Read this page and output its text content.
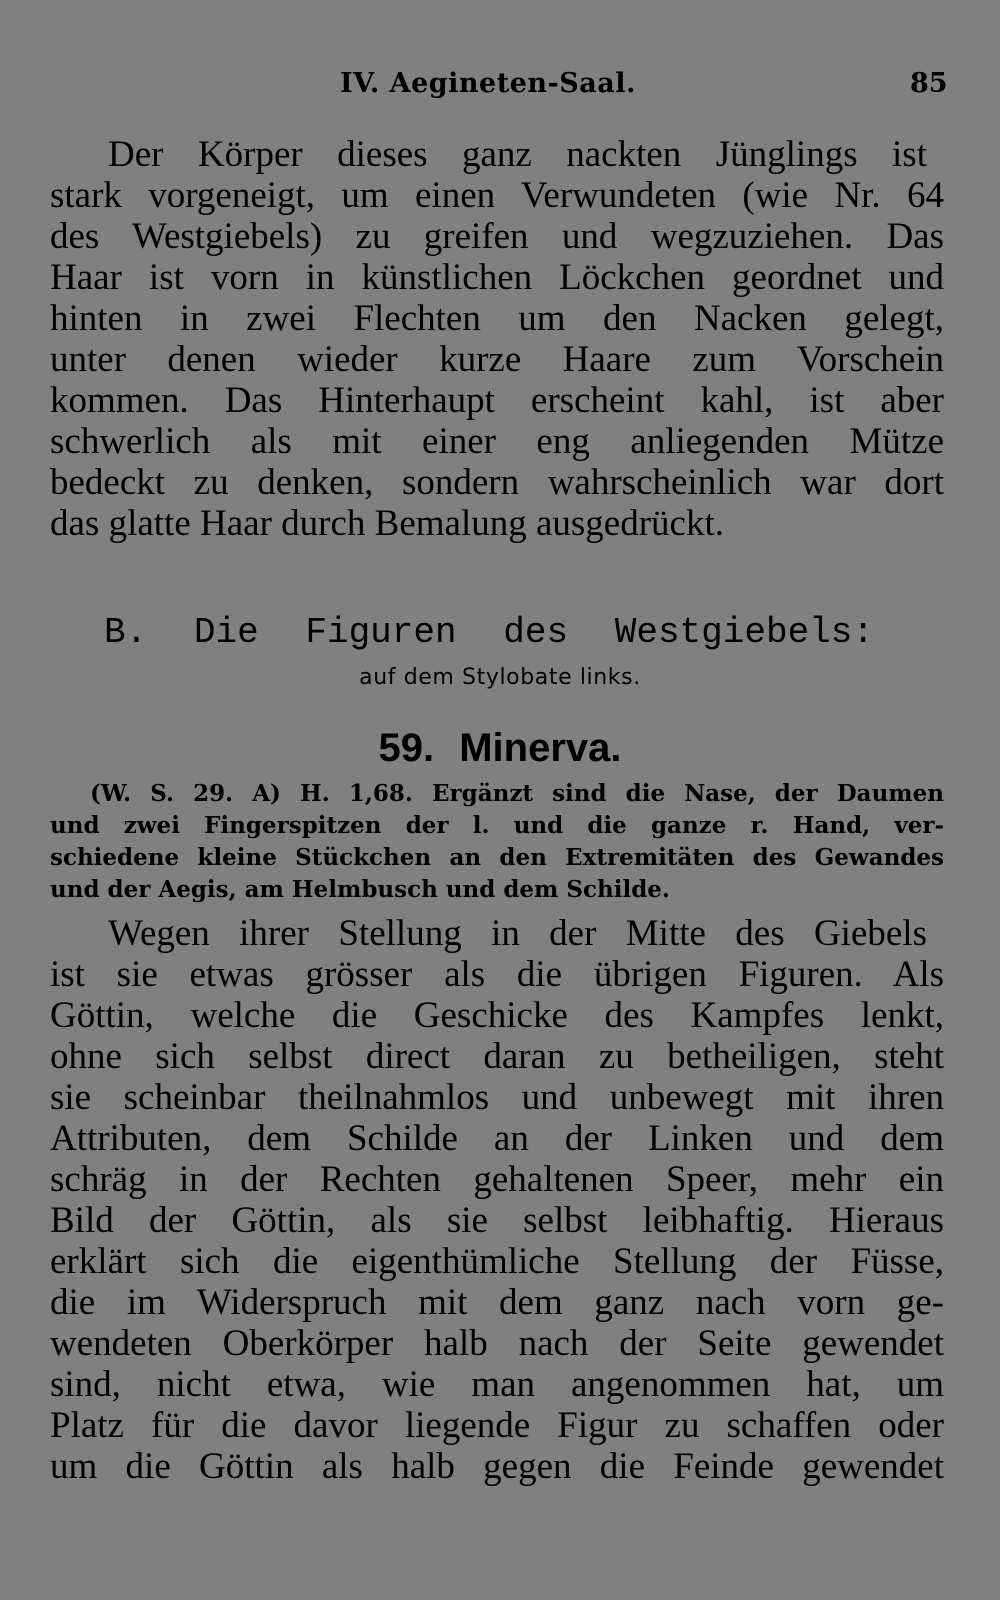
IV. Aegineten-Saal.	85
Der Körper dieses ganz nackten Jünglings ist
stark vorgeneigt, um einen Verwundeten (wie Nr. 64
des Westgiebels) zu greifen und wegzuziehen. Das
Haar ist vorn in künstlichen Löckchen geordnet und
hinten in zwei Flechten um den Nacken gelegt,
unter denen wieder kurze Haare zum Vorschein
kommen. Das Hinterhaupt erscheint kahl, ist aber
schwerlich als mit einer eng anliegenden Mütze
bedeckt zu denken, sondern wahrscheinlich war dort
das glatte Haar durch Bemalung ausgedrückt.
B. Die Figuren des Westgiebels:
auf dem Stylobate links.
59. Minerva.
(W. S. 29. A) H. 1,68. Ergänzt sind die Nase, der Daumen
und zwei Fingerspitzen der l. und die ganze r. Hand, ver-
schiedene kleine Stückchen an den Extremitäten des Gewandes
und der Aegis, am Helmbusch und dem Schilde.
Wegen ihrer Stellung in der Mitte des Giebels
ist sie etwas grösser als die übrigen Figuren. Als
Göttin, welche die Geschicke des Kampfes lenkt,
ohne sich selbst direct daran zu betheiligen, steht
sie scheinbar theilnahmlos und unbewegt mit ihren
Attributen, dem Schilde an der Linken und dem
schräg in der Rechten gehaltenen Speer, mehr ein
Bild der Göttin, als sie selbst leibhaftig. Hieraus
erklärt sich die eigenthümliche Stellung der Füsse,
die im Widerspruch mit dem ganz nach vorn ge-
wendeten Oberkörper halb nach der Seite gewendet
sind, nicht etwa, wie man angenommen hat, um
Platz für die davor liegende Figur zu schaffen oder
um die Göttin als halb gegen die Feinde gewendet
